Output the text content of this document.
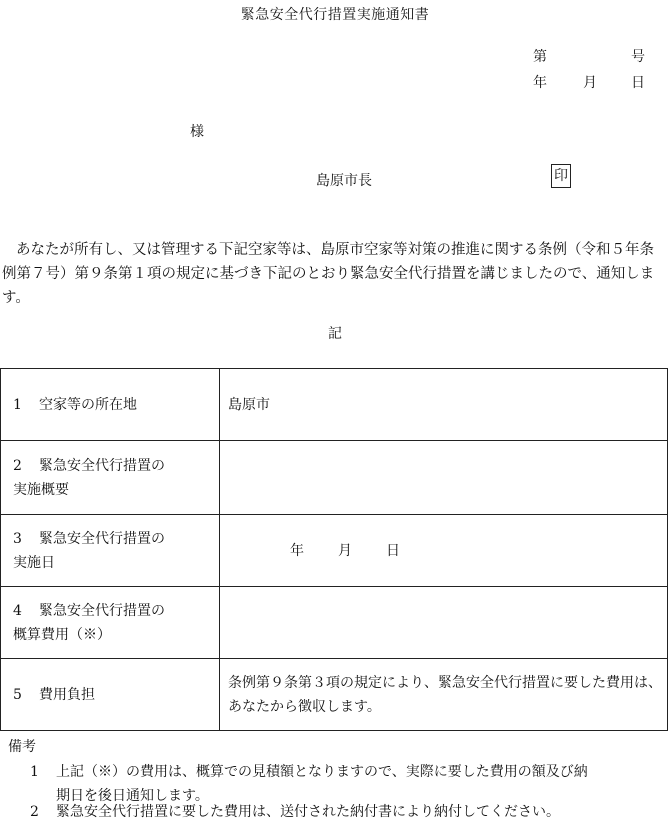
緊急安全代行措置実施通知書
第	号
年	月 日
様
島原市長	印
あなたが所有し、又は管理する下記空家等は、島原市空家等対策の推進に関する条例（令和５年条例第７号）第９条第１項の規定に基づき下記のとおり緊急安全代行措置を講じましたので、通知します。
記
1 空家等の所在地	島原市

2 緊急安全代行措置の
実施概要	

3 緊急安全代行措置の
実施日	年 月 日

4 緊急安全代行措置の
概算費用（※）	

5 費用負担	条例第９条第３項の規定により、緊急安全代行措置に要した費用は、あなたから徴収します。
備考
1 上記（※）の費用は、概算での見積額となりますので、実際に要した費用の額及び納
期日を後日通知します。
2 緊急安全代行措置に要した費用は、送付された納付書により納付してください。
